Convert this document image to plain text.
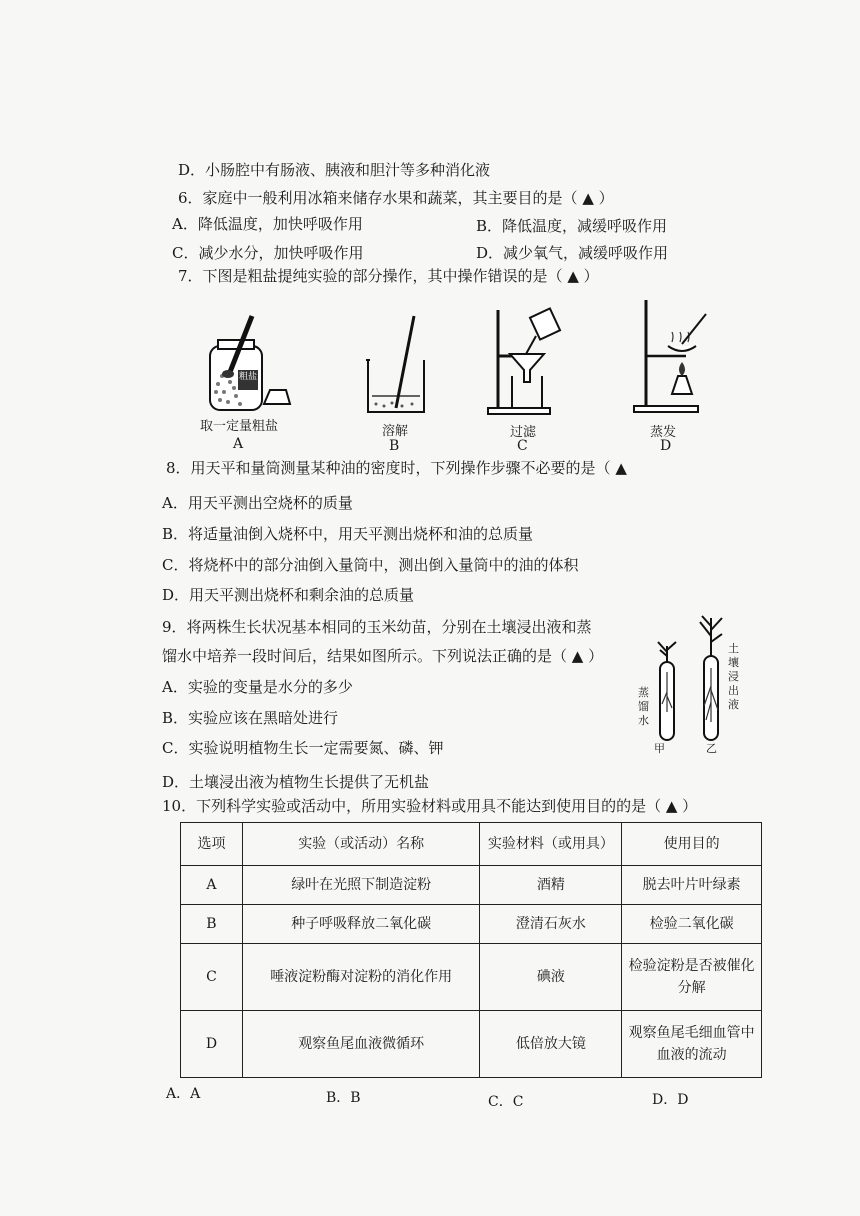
D．小肠腔中有肠液、胰液和胆汁等多种消化液
6．家庭中一般利用冰箱来储存水果和蔬菜，其主要目的是（ ▲ ）
A．降低温度，加快呼吸作用	B．降低温度，减缓呼吸作用
C．减少水分，加快呼吸作用	D．减少氧气，减缓呼吸作用
7．下图是粗盐提纯实验的部分操作，其中操作错误的是（ ▲ ）
取一定量粗盐
A
粗盐
溶解
B
过滤
C
蒸发
D
8．用天平和量筒测量某种油的密度时，下列操作步骤不必要的是（ ▲
A．用天平测出空烧杯的质量
B．将适量油倒入烧杯中，用天平测出烧杯和油的总质量
C．将烧杯中的部分油倒入量筒中，测出倒入量筒中的油的体积
D．用天平测出烧杯和剩余油的总质量
9．将两株生长状况基本相同的玉米幼苗，分别在土壤浸出液和蒸
馏水中培养一段时间后，结果如图所示。下列说法正确的是（ ▲ ）
A．实验的变量是水分的多少
B．实验应该在黑暗处进行
C．实验说明植物生长一定需要氮、磷、钾
D．土壤浸出液为植物生长提供了无机盐
蒸馏水
土壤浸出液
甲	乙
10．下列科学实验或活动中，所用实验材料或用具不能达到使用目的的是（ ▲ ）
选项	实验（或活动）名称	实验材料（或用具）	使用目的
A	绿叶在光照下制造淀粉	酒精	脱去叶片叶绿素
B	种子呼吸释放二氧化碳	澄清石灰水	检验二氧化碳
C	唾液淀粉酶对淀粉的消化作用	碘液	检验淀粉是否被催化分解
D	观察鱼尾血液微循环	低倍放大镜	观察鱼尾毛细血管中血液的流动
A．A	B．B	C．C	D．D
